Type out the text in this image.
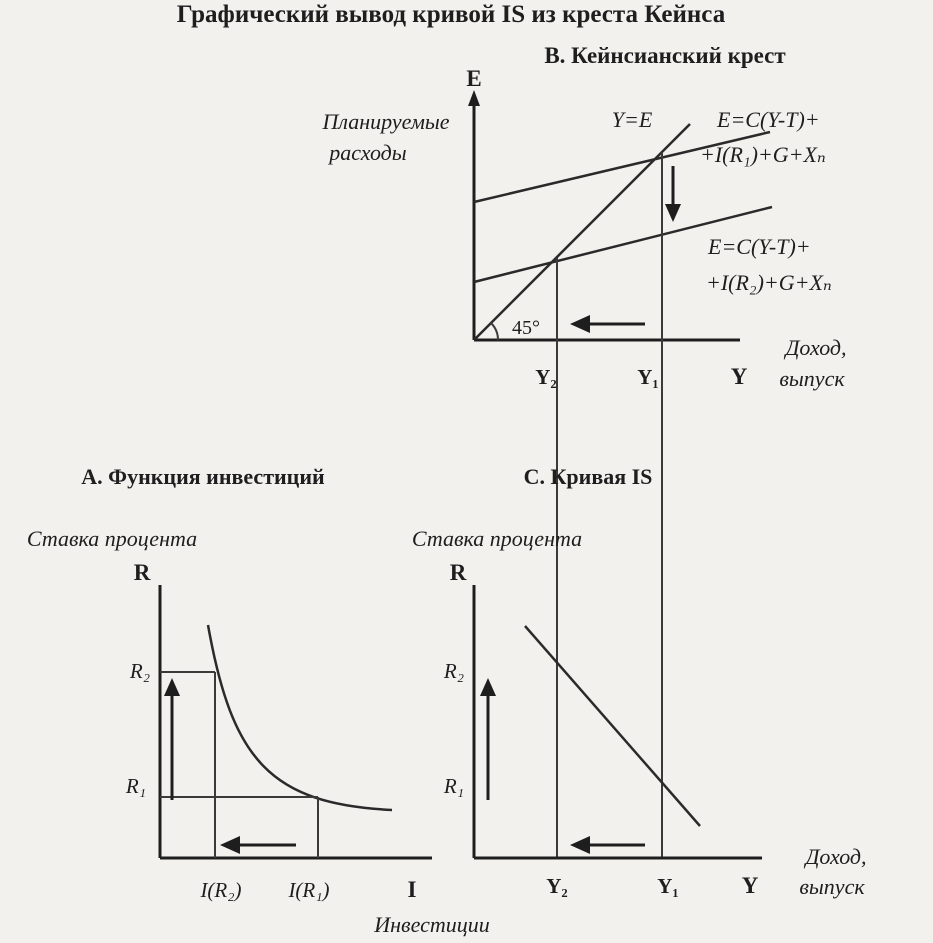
Графический вывод кривой IS из креста Кейнса
В. Кейнсианский крест
E
Планируемые
расходы
Y=E
45°
E=C(Y-T)+
+I(R₁)+G+Xₙ
E=C(Y-T)+
+I(R₂)+G+Xₙ
Y₂	Y₁	Y
Доход,
выпуск
А. Функция инвестиций
Ставка процента
R
R₂
R₁
I(R₂) I(R₁)	I
Инвестиции
С. Кривая IS
Ставка процента
R
R₂
R₁
Y₂	Y₁	Y
Доход,
выпуск
